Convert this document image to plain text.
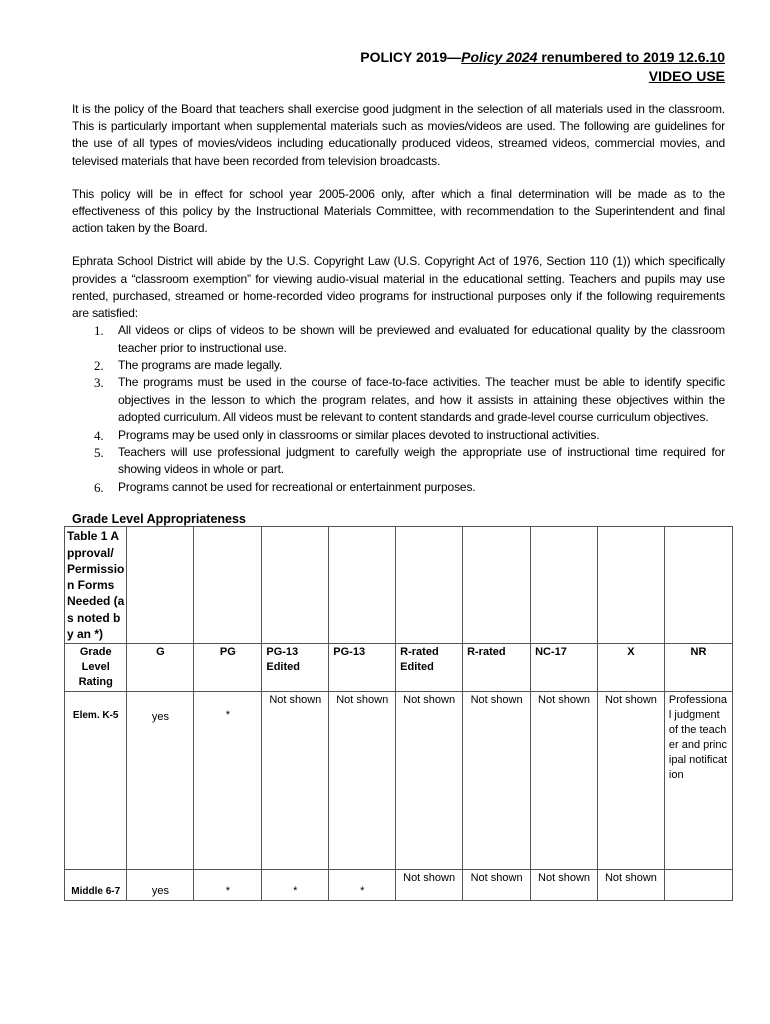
POLICY 2019—Policy 2024 renumbered to 2019 12.6.10
VIDEO USE

It is the policy of the Board that teachers shall exercise good judgment in the selection of all materials used in the classroom. This is particularly important when supplemental materials such as movies/videos are used. The following are guidelines for the use of all types of movies/videos including educationally produced videos, streamed videos, commercial movies, and televised materials that have been recorded from television broadcasts.

This policy will be in effect for school year 2005-2006 only, after which a final determination will be made as to the effectiveness of this policy by the Instructional Materials Committee, with recommendation to the Superintendent and final action taken by the Board.

Ephrata School District will abide by the U.S. Copyright Law (U.S. Copyright Act of 1976, Section 110 (1)) which specifically provides a “classroom exemption” for viewing audio-visual material in the educational setting. Teachers and pupils may use rented, purchased, streamed or home-recorded video programs for instructional purposes only if the following requirements are satisfied:

1. All videos or clips of videos to be shown will be previewed and evaluated for educational quality by the classroom teacher prior to instructional use.
2. The programs are made legally.
3. The programs must be used in the course of face-to-face activities. The teacher must be able to identify specific objectives in the lesson to which the program relates, and how it assists in attaining these objectives within the adopted curriculum. All videos must be relevant to content standards and grade-level course curriculum objectives.
4. Programs may be used only in classrooms or similar places devoted to instructional activities.
5. Teachers will use professional judgment to carefully weigh the appropriate use of instructional time required for showing videos in whole or part.
6. Programs cannot be used for recreational or entertainment purposes.
Grade Level Appropriateness
Table 1 Approval/ Permission Forms Needed (as noted by an *)									
Grade Level Rating	G	PG	PG-13 Edited	PG-13	R-rated Edited	R-rated	NC-17	X	NR
Elem. K-5	yes	*	Not shown	Not shown	Not shown	Not shown	Not shown	Not shown	Professional judgment of the teacher and principal notification
Middle 6-7	yes	*	*	*	Not shown	Not shown	Not shown	Not shown	
